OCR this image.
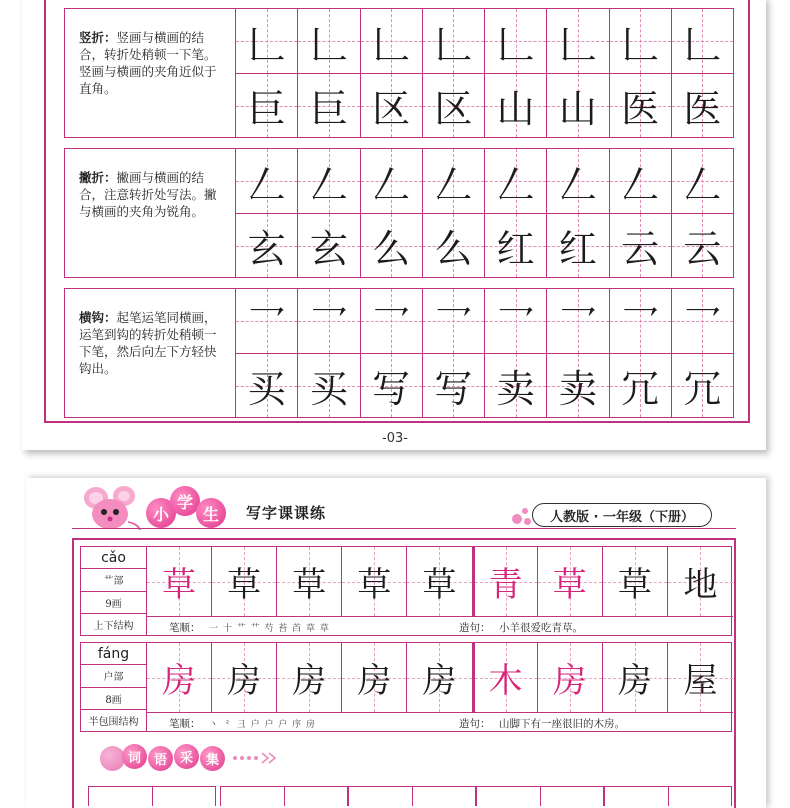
竖折：竖画与横画的结合，转折处稍顿一下笔。竖画与横画的夹角近似于直角。
𠃊 𠃊 𠃊 𠃊 𠃊 𠃊 𠃊 𠃊
巨 巨 区 区 山 山 医 医
撇折：撇画与横画的结合，注意转折处写法。撇与横画的夹角为锐角。
𠃋 𠃋 𠃋 𠃋 𠃋 𠃋 𠃋 𠃋
玄 玄 么 么 红 红 云 云
横钩：起笔运笔同横画，运笔到钩的转折处稍顿一下笔，然后向左下方轻快钩出。
乛 乛 乛 乛 乛 乛 乛 乛
买 买 写 写 卖 卖 冗 冗
-03-
小
学
生	写字课课练	人教版 · 一年级（下册）
cǎo
艹部
9画
上下结构
草 草 草 草 草 青 草 草 地
笔顺： 一 十 艹 艹 芍 苔 苩 草 草	造句： 小羊很爱吃青草。
fáng
户部
8画
半包围结构
房 房 房 房 房 木 房 房 屋
笔顺： 丶 ⺀ ⼹ 户 户 户 序 房	造句： 山脚下有一座很旧的木房。
词 语 采 集
